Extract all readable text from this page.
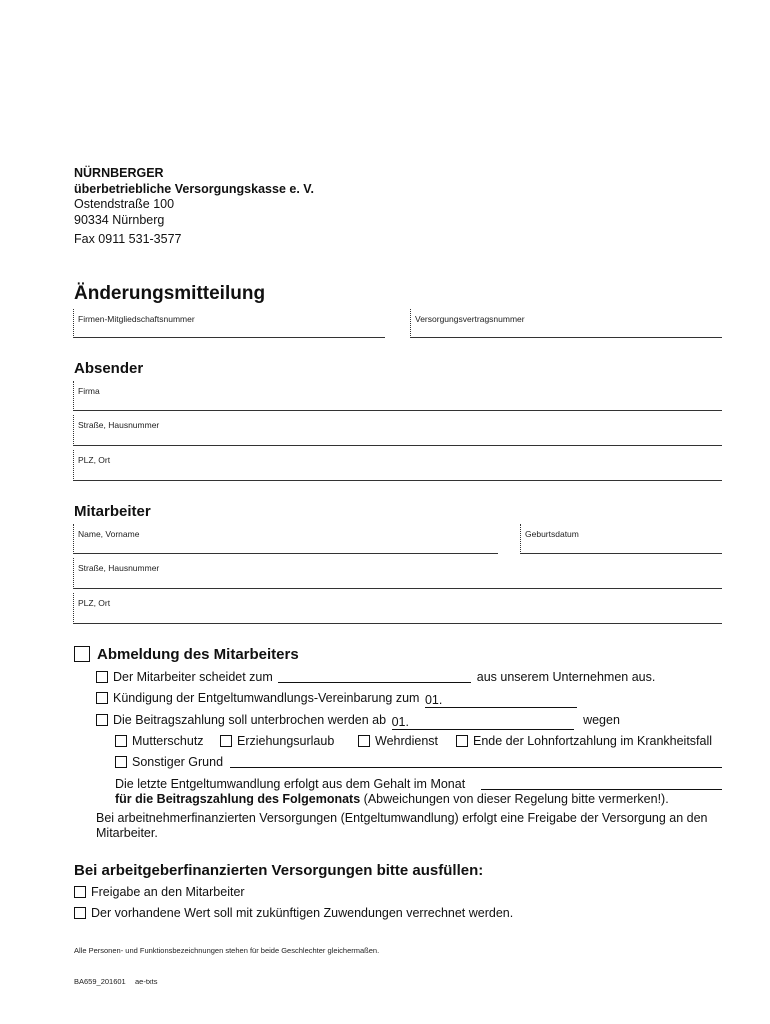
NÜRNBERGER
überbetriebliche Versorgungskasse e. V.
Ostendstraße 100
90334 Nürnberg
Fax 0911 531-3577
Änderungsmitteilung
Firmen-Mitgliedschaftsnummer	Versorgungsvertragsnummer
Absender
Firma
Straße, Hausnummer
PLZ, Ort
Mitarbeiter
Name, Vorname	Geburtsdatum
Straße, Hausnummer
PLZ, Ort
Abmeldung des Mitarbeiters
Der Mitarbeiter scheidet zum	aus unserem Unternehmen aus.
Kündigung der Entgeltumwandlungs-Vereinbarung zum 01.
Die Beitragszahlung soll unterbrochen werden ab 01.	wegen
Mutterschutz	Erziehungsurlaub	Wehrdienst	Ende der Lohnfortzahlung im Krankheitsfall
Sonstiger Grund
Die letzte Entgeltumwandlung erfolgt aus dem Gehalt im Monat
für die Beitragszahlung des Folgemonats (Abweichungen von dieser Regelung bitte vermerken!).
Bei arbeitnehmerfinanzierten Versorgungen (Entgeltumwandlung) erfolgt eine Freigabe der Versorgung an den Mitarbeiter.
Bei arbeitgeberfinanzierten Versorgungen bitte ausfüllen:
Freigabe an den Mitarbeiter
Der vorhandene Wert soll mit zukünftigen Zuwendungen verrechnet werden.
Alle Personen- und Funktionsbezeichnungen stehen für beide Geschlechter gleichermaßen.
BA659_201601 ae-txts
